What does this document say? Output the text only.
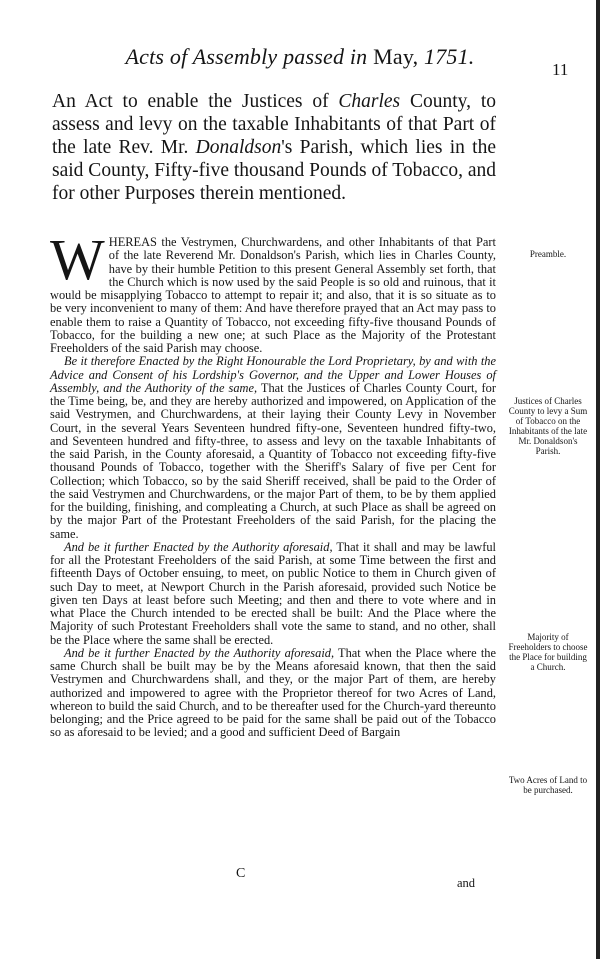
Acts of Assembly passed in May, 1751.
11
An Act to enable the Justices of Charles County, to assess and levy on the taxable Inhabitants of that Part of the late Rev. Mr. Donaldson's Parish, which lies in the said County, Fifty-five thousand Pounds of Tobacco, and for other Purposes therein mentioned.

WHEREAS the Vestrymen, Churchwardens, and other Inhabitants of that Part of the late Reverend Mr. Donaldson's Parish, which lies in Charles County, have by their humble Petition to this present General Assembly set forth, that the Church which is now used by the said People is so old and ruinous, that it would be misapplying Tobacco to attempt to repair it; and also, that it is so situate as to be very inconvenient to many of them: And have therefore prayed that an Act may pass to enable them to raise a Quantity of Tobacco, not exceeding fifty-five thousand Pounds of Tobacco, for the building a new one; at such Place as the Majority of the Protestant Freeholders of the said Parish may choose.

Be it therefore Enacted by the Right Honourable the Lord Proprietary, by and with the Advice and Consent of his Lordship's Governor, and the Upper and Lower Houses of Assembly, and the Authority of the same, That the Justices of Charles County Court, for the Time being, be, and they are hereby authorized and impowered, on Application of the said Vestrymen, and Churchwardens, at their laying their County Levy in November Court, in the several Years Seventeen hundred fifty-one, Seventeen hundred fifty-two, and Seventeen hundred and fifty-three, to assess and levy on the taxable Inhabitants of the said Parish, in the County aforesaid, a Quantity of Tobacco not exceeding fifty-five thousand Pounds of Tobacco, together with the Sheriff's Salary of five per Cent for Collection; which Tobacco, so by the said Sheriff received, shall be paid to the Order of the said Vestrymen and Churchwardens, or the major Part of them, to be by them applied for the building, finishing, and compleating a Church, at such Place as shall be agreed on by the major Part of the Protestant Freeholders of the said Parish, for the placing the same.

And be it further Enacted by the Authority aforesaid, That it shall and may be lawful for all the Protestant Freeholders of the said Parish, at some Time between the first and fifteenth Days of October ensuing, to meet, on public Notice to them in Church given of such Day to meet, at Newport Church in the Parish aforesaid, provided such Notice be given ten Days at least before such Meeting; and then and there to vote where and in what Place the Church intended to be erected shall be built: And the Place where the Majority of such Protestant Freeholders shall vote the same to stand, and no other, shall be the Place where the same shall be erected.

And be it further Enacted by the Authority aforesaid, That when the Place where the same Church shall be built may be by the Means aforesaid known, that then the said Vestrymen and Churchwardens shall, and they, or the major Part of them, are hereby authorized and impowered to agree with the Proprietor thereof for two Acres of Land, whereon to build the said Church, and to be thereafter used for the Church-yard thereunto belonging; and the Price agreed to be paid for the same shall be paid out of the Tobacco so as aforesaid to be levied; and a good and sufficient Deed of Bargain

Preamble.
Justices of Charles County to levy a Sum of Tobacco on the Inhabitants of the late Mr. Donaldson's Parish.
Majority of Freeholders to choose the Place for building a Church.
Two Acres of Land to be purchased.
C
and
